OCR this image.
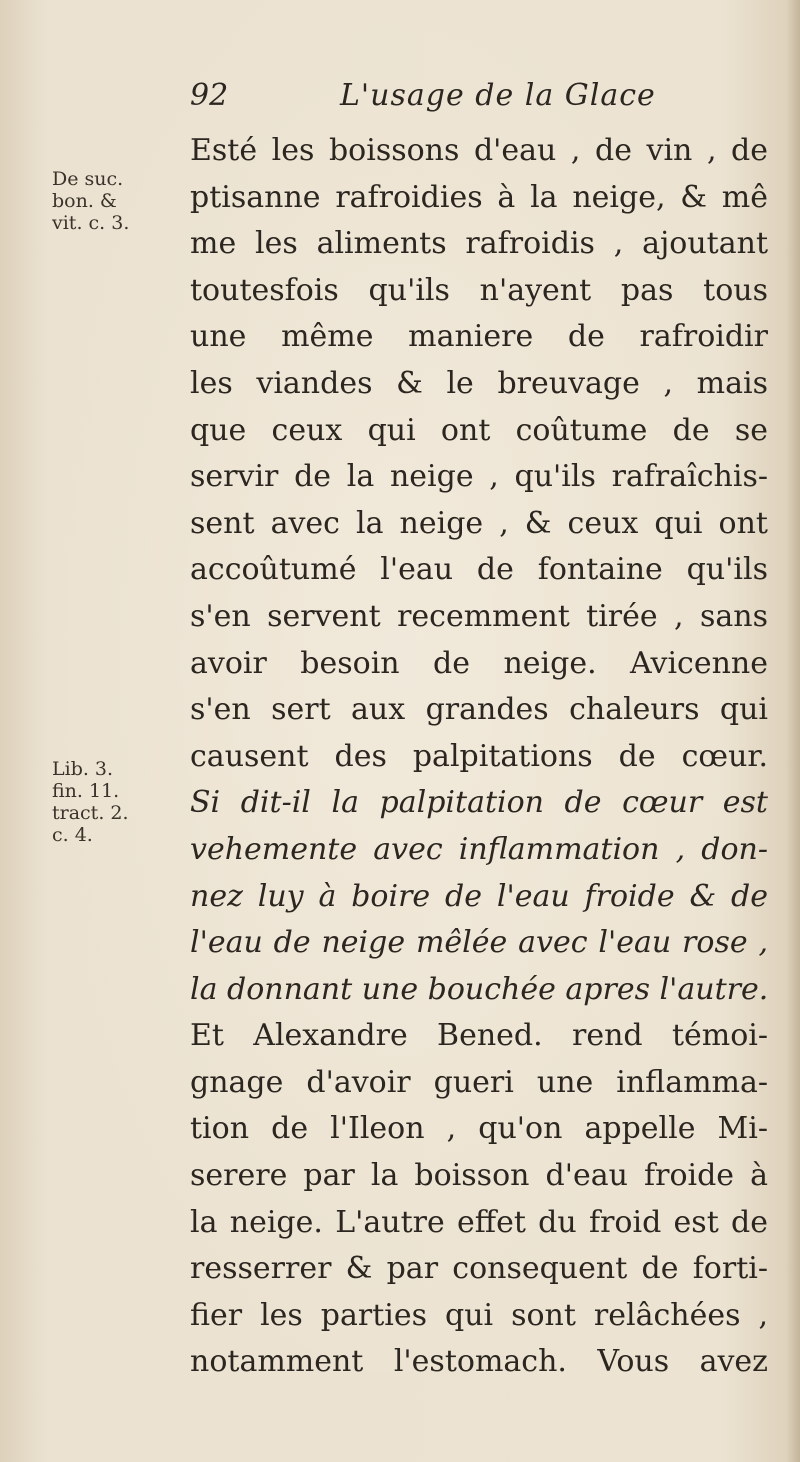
92	L'usage de la Glace
De suc.
bon. &
vit. c. 3.
Lib. 3.
fin. 11.
tract. 2.
c. 4.
Esté les boissons d'eau , de vin , de
ptisanne rafroidies à la neige, & mê
me les aliments rafroidis , ajoutant
toutesfois qu'ils n'ayent pas tous
une même maniere de rafroidir
les viandes & le breuvage , mais
que ceux qui ont coûtume de se
servir de la neige , qu'ils rafraîchis-
sent avec la neige , & ceux qui ont
accoûtumé l'eau de fontaine qu'ils
s'en servent recemment tirée , sans
avoir besoin de neige. Avicenne
s'en sert aux grandes chaleurs qui
causent des palpitations de cœur.
Si dit-il la palpitation de cœur est
vehemente avec inflammation , don-
nez luy à boire de l'eau froide & de
l'eau de neige mêlée avec l'eau rose ,
la donnant une bouchée apres l'autre.
Et Alexandre Bened. rend témoi-
gnage d'avoir gueri une inflamma-
tion de l'Ileon , qu'on appelle Mi-
serere par la boisson d'eau froide à
la neige. L'autre effet du froid est de
resserrer & par consequent de forti-
fier les parties qui sont relâchées ,
notamment l'estomach. Vous avez
